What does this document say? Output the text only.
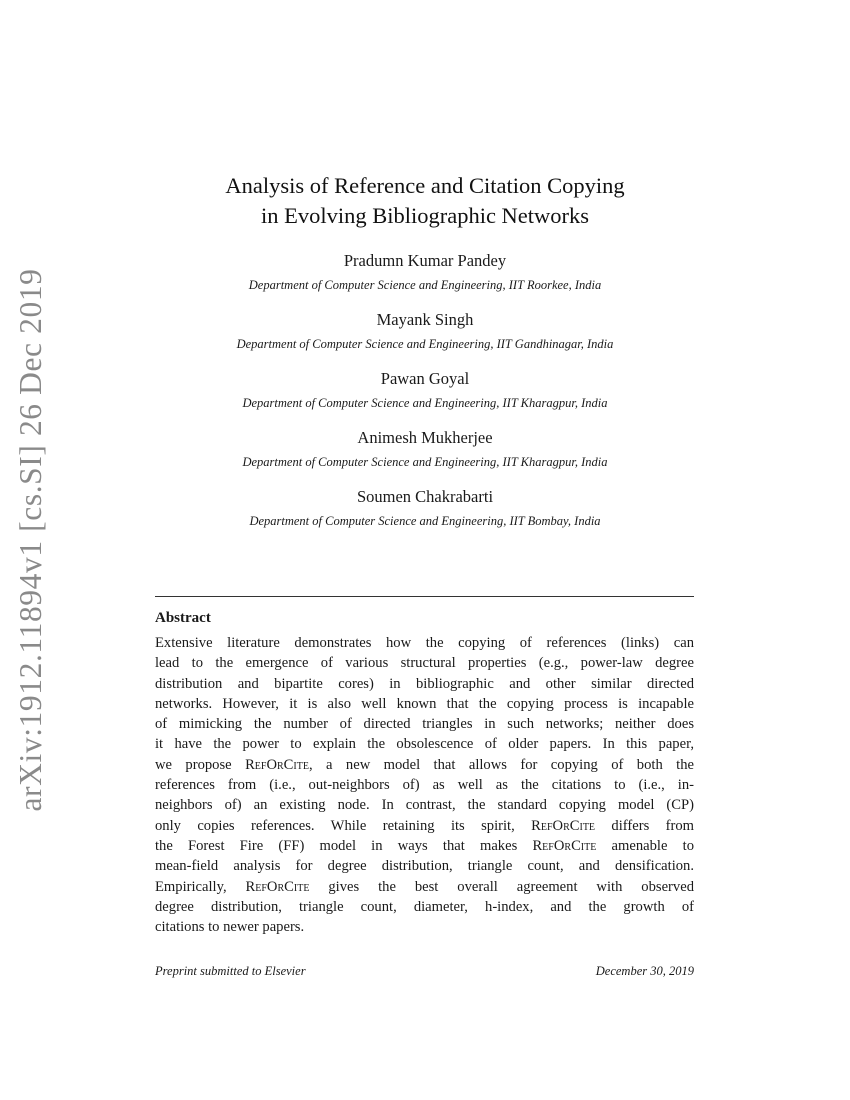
arXiv:1912.11894v1 [cs.SI] 26 Dec 2019
Analysis of Reference and Citation Copying
in Evolving Bibliographic Networks
Pradumn Kumar Pandey
Department of Computer Science and Engineering, IIT Roorkee, India
Mayank Singh
Department of Computer Science and Engineering, IIT Gandhinagar, India
Pawan Goyal
Department of Computer Science and Engineering, IIT Kharagpur, India
Animesh Mukherjee
Department of Computer Science and Engineering, IIT Kharagpur, India
Soumen Chakrabarti
Department of Computer Science and Engineering, IIT Bombay, India
Abstract
Extensive literature demonstrates how the copying of references (links) can
lead to the emergence of various structural properties (e.g., power-law degree
distribution and bipartite cores) in bibliographic and other similar directed
networks. However, it is also well known that the copying process is incapable
of mimicking the number of directed triangles in such networks; neither does
it have the power to explain the obsolescence of older papers. In this paper,
we propose RefOrCite, a new model that allows for copying of both the
references from (i.e., out-neighbors of) as well as the citations to (i.e., in-
neighbors of) an existing node. In contrast, the standard copying model (CP)
only copies references. While retaining its spirit, RefOrCite differs from
the Forest Fire (FF) model in ways that makes RefOrCite amenable to
mean-field analysis for degree distribution, triangle count, and densification.
Empirically, RefOrCite gives the best overall agreement with observed
degree distribution, triangle count, diameter, h-index, and the growth of
citations to newer papers.
Preprint submitted to Elsevier	December 30, 2019
